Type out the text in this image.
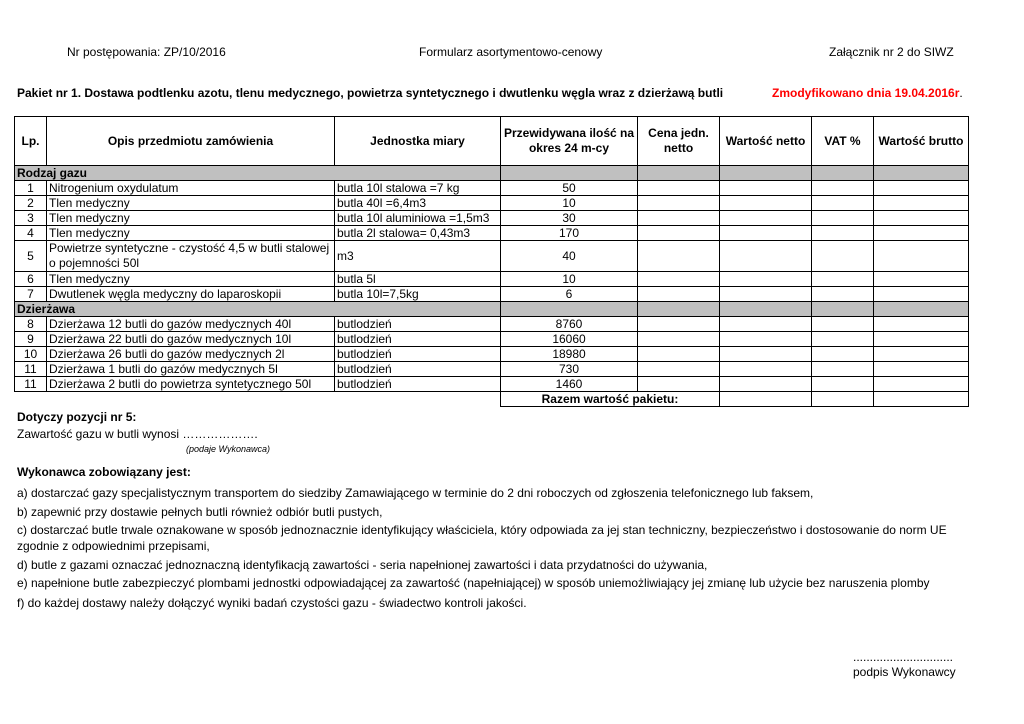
Nr postępowania: ZP/10/2016	Formularz asortymentowo-cenowy	Załącznik nr 2 do SIWZ
Pakiet nr 1. Dostawa podtlenku azotu, tlenu medycznego, powietrza syntetycznego i dwutlenku węgla wraz z dzierżawą butli	Zmodyfikowano dnia 19.04.2016r.
Lp.	Opis przedmiotu zamówienia	Jednostka miary	Przewidywana ilość na okres 24 m-cy	Cena jedn. netto	Wartość netto	VAT %	Wartość brutto
Rodzaj gazu							
1	Nitrogenium oxydulatum	butla 10l stalowa =7 kg	50				
2	Tlen medyczny	butla 40l =6,4m3	10				
3	Tlen medyczny	butla 10l aluminiowa =1,5m3	30				
4	Tlen medyczny	butla 2l stalowa= 0,43m3	170				
5	Powietrze syntetyczne - czystość 4,5 w butli stalowej o pojemności 50l	m3	40				
6	Tlen medyczny	butla 5l	10				
7	Dwutlenek węgla medyczny do laparoskopii	butla 10l=7,5kg	6				
Dzierżawa							
8	Dzierżawa 12 butli do gazów medycznych 40l	butlodzień	8760				
9	Dzierżawa 22 butli do gazów medycznych 10l	butlodzień	16060				
10	Dzierżawa 26 butli do gazów medycznych 2l	butlodzień	18980				
11	Dzierżawa 1 butli do gazów medycznych 5l	butlodzień	730				
11	Dzierżawa 2 butli do powietrza syntetycznego 50l	butlodzień	1460				
			Razem wartość pakietu:				
Dotyczy pozycji nr 5:
Zawartość gazu w butli wynosi ……………….
(podaje Wykonawca)
Wykonawca zobowiązany jest:
a) dostarczać gazy specjalistycznym transportem do siedziby Zamawiającego w terminie do 2 dni roboczych od zgłoszenia telefonicznego lub faksem,
b) zapewnić przy dostawie pełnych butli również odbiór butli pustych,
c) dostarczać butle trwale oznakowane w sposób jednoznacznie identyfikujący właściciela, który odpowiada za jej stan techniczny, bezpieczeństwo i dostosowanie do norm UE
zgodnie z odpowiednimi przepisami,
d) butle z gazami oznaczać jednoznaczną identyfikacją zawartości - seria napełnionej zawartości i data przydatności do używania,
e) napełnione butle zabezpieczyć plombami jednostki odpowiadającej za zawartość (napełniającej) w sposób uniemożliwiający jej zmianę lub użycie bez naruszenia plomby
f) do każdej dostawy należy dołączyć wyniki badań czystości gazu - świadectwo kontroli jakości.
..............................
podpis Wykonawcy
